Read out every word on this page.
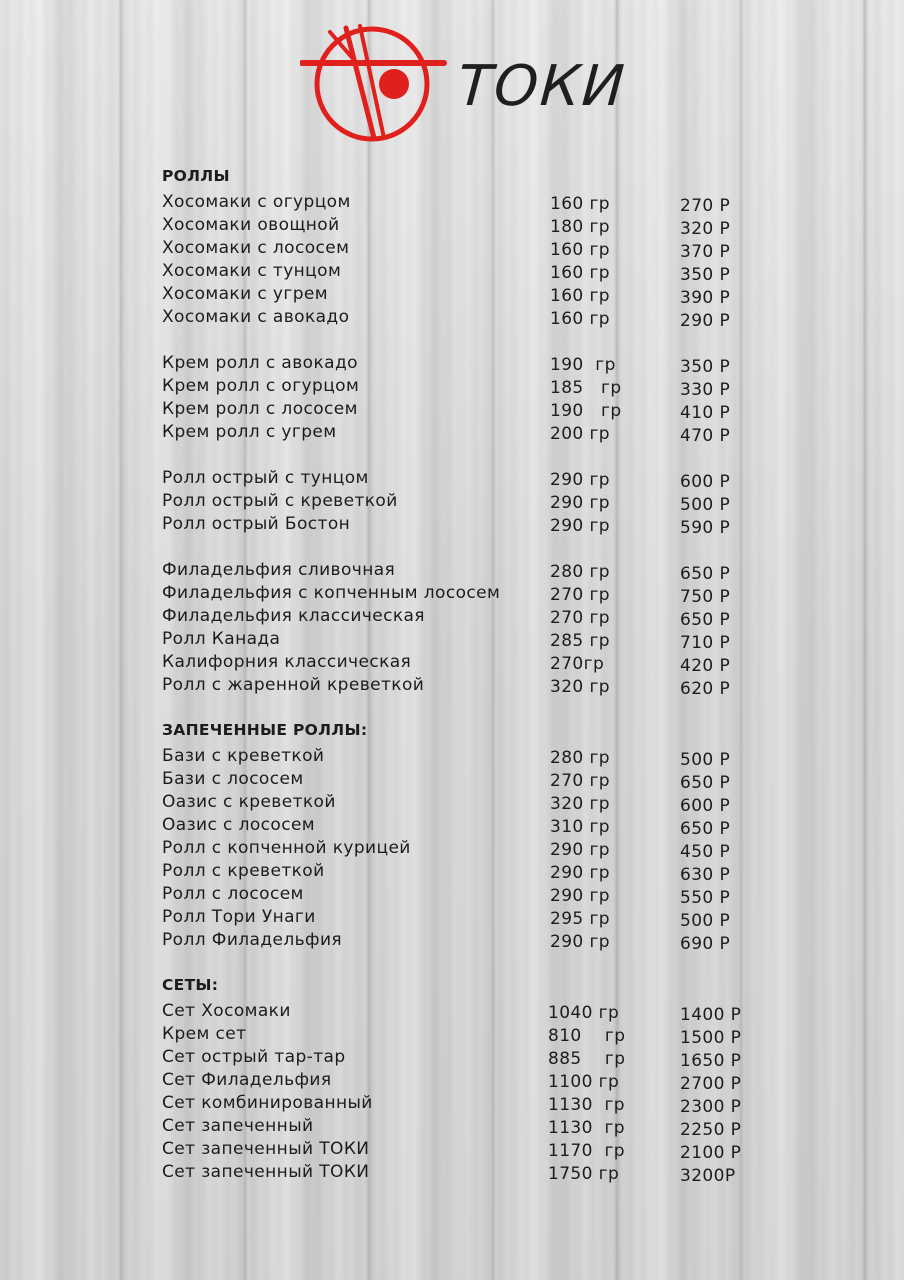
ТОКИ
РОЛЛЫ
Хосомаки с огурцом	160 гр	270 Р
Хосомаки овощной	180 гр	320 Р
Хосомаки с лососем	160 гр	370 Р
Хосомаки с тунцом	160 гр	350 Р
Хосомаки с угрем	160 гр	390 Р
Хосомаки с авокадо	160 гр	290 Р
Крем ролл с авокадо	190  гр	350 Р
Крем ролл с огурцом	185   гр	330 Р
Крем ролл с лососем	190   гр	410 Р
Крем ролл с угрем	200 гр	470 Р
Ролл острый с тунцом	290 гр	600 Р
Ролл острый с креветкой	290 гр	500 Р
Ролл острый Бостон	290 гр	590 Р
Филадельфия сливочная	280 гр	650 Р
Филадельфия с копченным лососем	270 гр	750 Р
Филадельфия классическая	270 гр	650 Р
Ролл Канада	285 гр	710 Р
Калифорния классическая	270гр	420 Р
Ролл с жаренной креветкой	320 гр	620 Р
ЗАПЕЧЕННЫЕ РОЛЛЫ:
Бази с креветкой	280 гр	500 Р
Бази с лососем	270 гр	650 Р
Оазис с креветкой	320 гр	600 Р
Оазис с лососем	310 гр	650 Р
Ролл с копченной курицей	290 гр	450 Р
Ролл с креветкой	290 гр	630 Р
Ролл с лососем	290 гр	550 Р
Ролл Тори Унаги	295 гр	500 Р
Ролл Филадельфия	290 гр	690 Р
СЕТЫ:
Сет Хосомаки	1040 гр	1400 Р
Крем сет	810    гр	1500 Р
Сет острый тар-тар	885    гр	1650 Р
Сет Филадельфия	1100 гр	2700 Р
Сет комбинированный	1130  гр	2300 Р
Сет запеченный	1130  гр	2250 Р
Сет запеченный ТОКИ	1170  гр	2100 Р
Сет запеченный ТОКИ	1750 гр	3200Р
